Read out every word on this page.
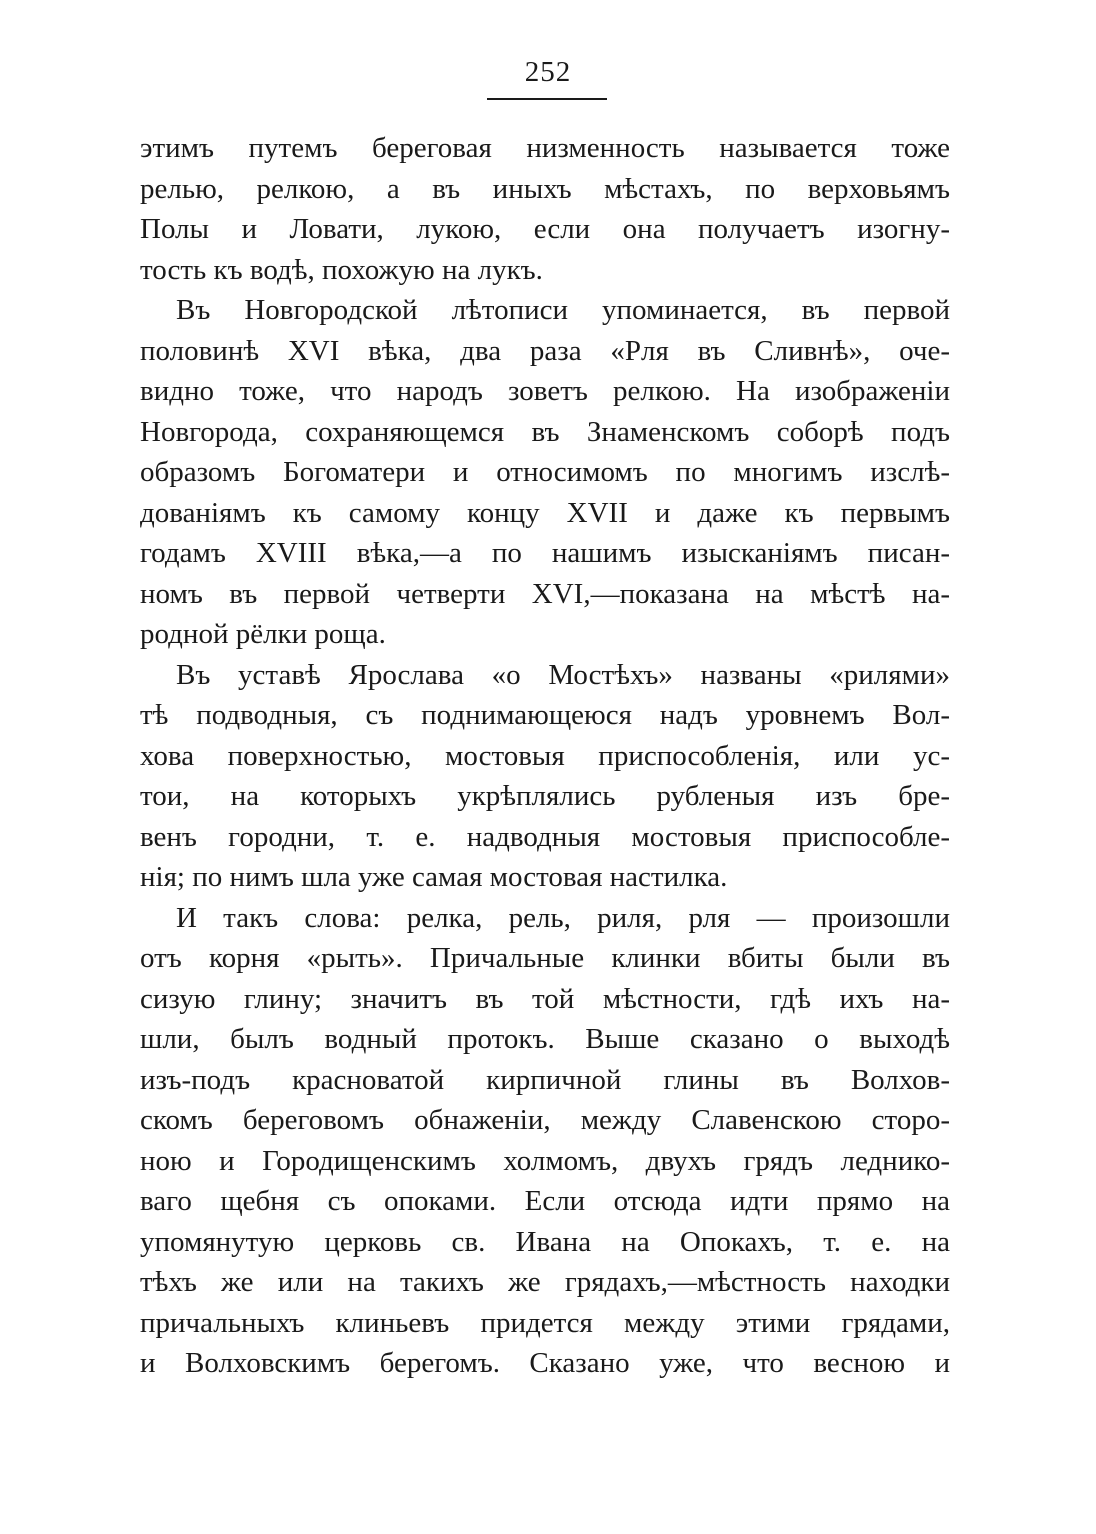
252

этимъ путемъ береговая низменность называется тоже
релью, релкою, а въ иныхъ мѣстахъ, по верховьямъ
Полы и Ловати, лукою, если она получаетъ изогну-
тость къ водѣ, похожую на лукъ.

Въ Новгородской лѣтописи упоминается, въ первой
половинѣ XVI вѣка, два раза «Рля въ Сливнѣ», оче-
видно тоже, что народъ зоветъ релкою. На изображенiи
Новгорода, сохраняющемся въ Знаменскомъ соборѣ подъ
образомъ Богоматери и относимомъ по многимъ изслѣ-
дованiямъ къ самому концу XVII и даже къ первымъ
годамъ XVIII вѣка,—а по нашимъ изысканiямъ писан-
номъ въ первой четверти XVI,—показана на мѣстѣ на-
родной рёлки роща.

Въ уставѣ Ярослава «о Мостѣхъ» названы «рилями»
тѣ подводныя, съ поднимающеюся надъ уровнемъ Вол-
хова поверхностью, мостовыя приспособленiя, или ус-
тои, на которыхъ укрѣплялись рубленыя изъ бре-
венъ городни, т. е. надводныя мостовыя приспособле-
нiя; по нимъ шла уже самая мостовая настилка.

И такъ слова: релка, рель, риля, рля — произошли
отъ корня «рыть». Причальные клинки вбиты были въ
сизую глину; значитъ въ той мѣстности, гдѣ ихъ на-
шли, былъ водный протокъ. Выше сказано о выходѣ
изъ-подъ красноватой кирпичной глины въ Волхов-
скомъ береговомъ обнаженiи, между Славенскою сторо-
ною и Городищенскимъ холмомъ, двухъ грядъ леднико-
ваго щебня съ опоками. Если отсюда идти прямо на
упомянутую церковь св. Ивана на Опокахъ, т. е. на
тѣхъ же или на такихъ же грядахъ,—мѣстность находки
причальныхъ клиньевъ придется между этими грядами,
и Волховскимъ берегомъ. Сказано уже, что весною и
